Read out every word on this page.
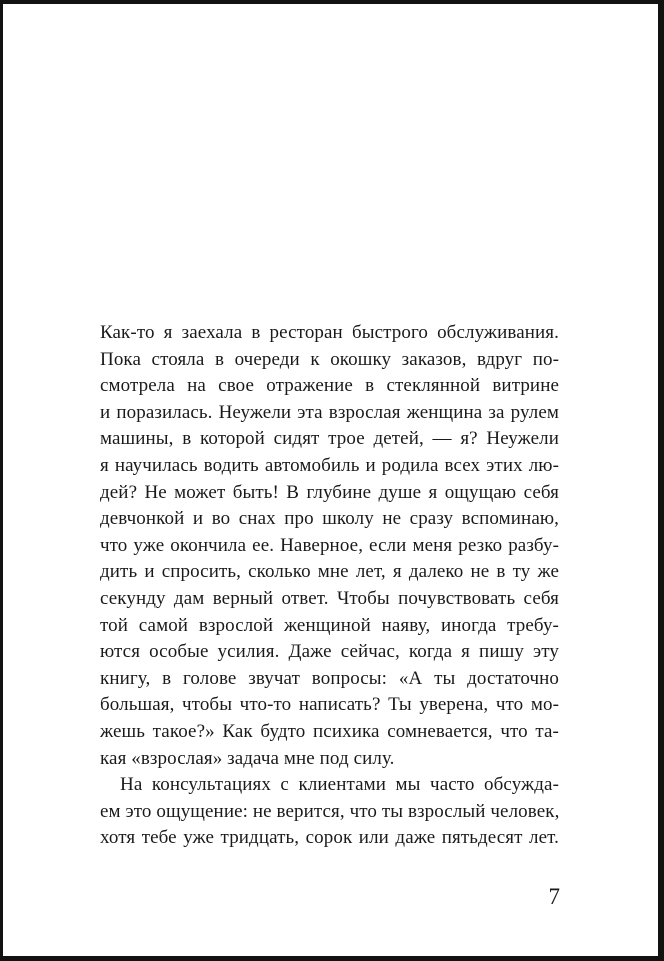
Как-то я заехала в ресторан быстрого обслуживания.
Пока стояла в очереди к окошку заказов, вдруг по-
смотрела на свое отражение в стеклянной витрине
и поразилась. Неужели эта взрослая женщина за рулем
машины, в которой сидят трое детей, — я? Неужели
я научилась водить автомобиль и родила всех этих лю-
дей? Не может быть! В глубине душе я ощущаю себя
девчонкой и во снах про школу не сразу вспоминаю,
что уже окончила ее. Наверное, если меня резко разбу-
дить и спросить, сколько мне лет, я далеко не в ту же
секунду дам верный ответ. Чтобы почувствовать себя
той самой взрослой женщиной наяву, иногда требу-
ются особые усилия. Даже сейчас, когда я пишу эту
книгу, в голове звучат вопросы: «А ты достаточно
большая, чтобы что-то написать? Ты уверена, что мо-
жешь такое?» Как будто психика сомневается, что та-
кая «взрослая» задача мне под силу.
На консультациях с клиентами мы часто обсужда-
ем это ощущение: не верится, что ты взрослый человек,
хотя тебе уже тридцать, сорок или даже пятьдесят лет.
7
